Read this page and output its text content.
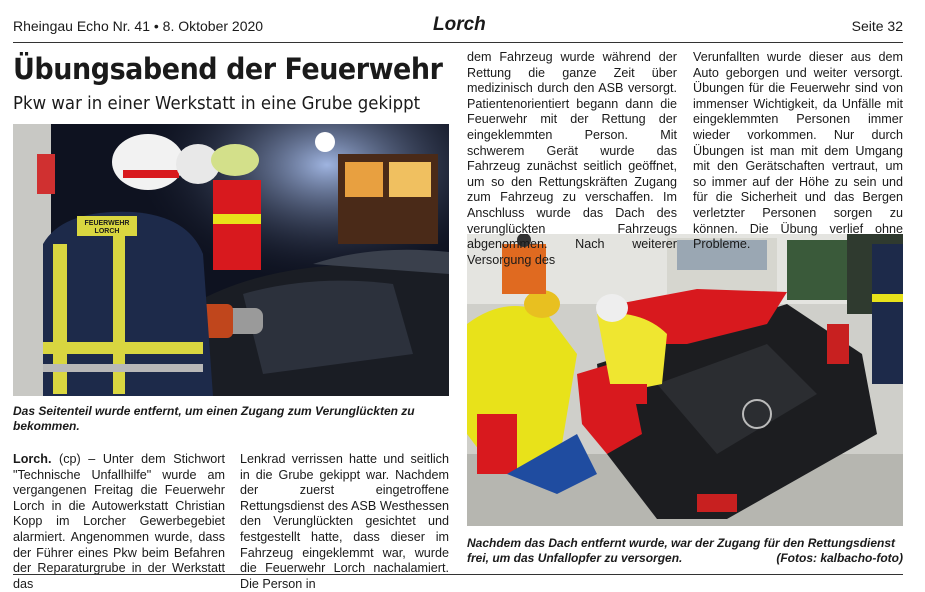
Rheingau Echo Nr. 41 • 8. Oktober 2020	Lorch	Seite 32
Übungsabend der Feuerwehr
Pkw war in einer Werkstatt in eine Grube gekippt
FEUERWEHR
LORCH
Das Seitenteil wurde entfernt, um einen Zugang zum Verunglückten zu bekommen.
Nachdem das Dach entfernt wurde, war der Zugang für den Rettungsdienst frei, um das Unfallopfer zu versorgen.	(Fotos: kalbacho-foto)

Lorch. (cp) – Unter dem Stichwort "Technische Unfallhilfe" wurde am vergangenen Freitag die Feuerwehr Lorch in die Autowerkstatt Christian Kopp im Lorcher Gewerbegebiet alarmiert. Angenommen wurde, dass der Führer eines Pkw beim Befahren der Reparaturgrube in der Werkstatt das

Lenkrad verrissen hatte und seitlich in die Grube gekippt war. Nachdem der zuerst eingetroffene Rettungsdienst des ASB Westhessen den Verunglückten gesichtet und festgestellt hatte, dass dieser im Fahrzeug eingeklemmt war, wurde die Feuerwehr Lorch nachalamiert. Die Person in

dem Fahrzeug wurde während der Rettung die ganze Zeit über medizinisch durch den ASB versorgt. Patientenorientiert begann dann die Feuerwehr mit der Rettung der eingeklemmten Person. Mit schwerem Gerät wurde das Fahrzeug zunächst seitlich geöffnet, um so den Rettungskräften Zugang zum Fahrzeug zu verschaffen. Im Anschluss wurde das Dach des verunglückten Fahrzeugs abgenommen. Nach weiterer Versorgung des

Verunfallten wurde dieser aus dem Auto geborgen und weiter versorgt. Übungen für die Feuerwehr sind von immenser Wichtigkeit, da Unfälle mit eingeklemmten Personen immer wieder vorkommen. Nur durch Übungen ist man mit dem Umgang mit den Gerätschaften vertraut, um so immer auf der Höhe zu sein und für die Sicherheit und das Bergen verletzter Personen sorgen zu können. Die Übung verlief ohne Probleme.
